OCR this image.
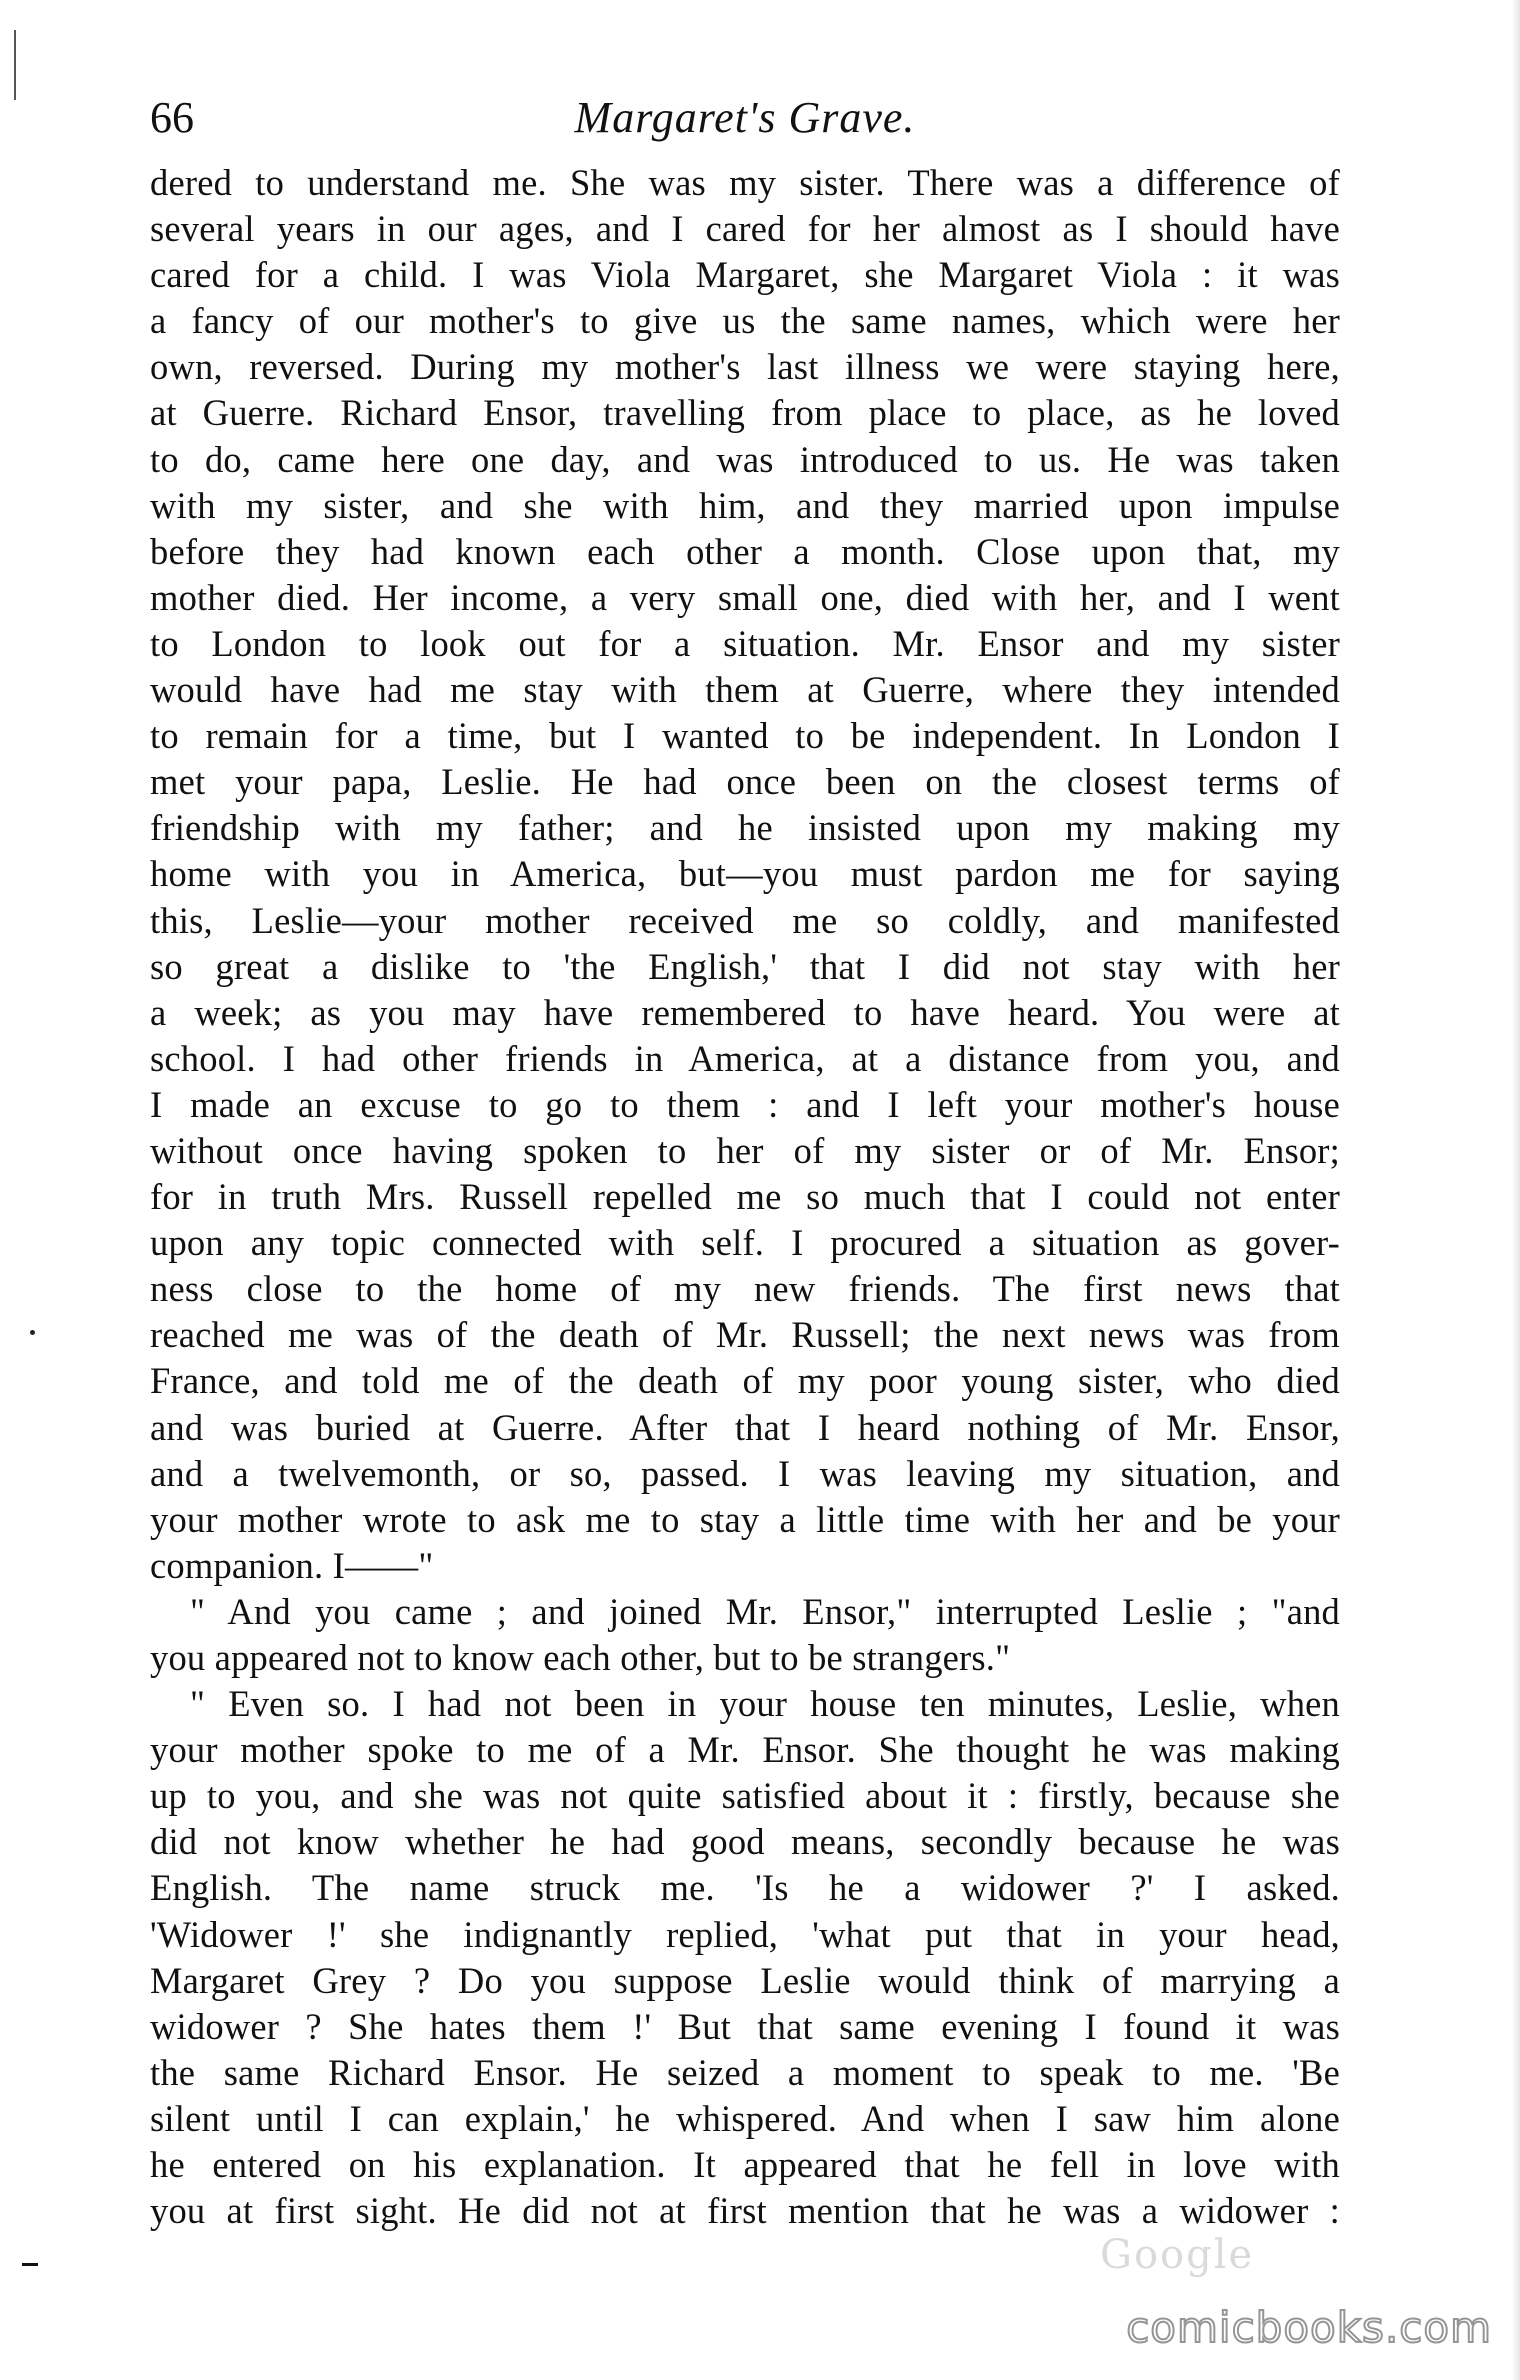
66	Margaret's Grave.
dered to understand me. She was my sister. There was a difference of
several years in our ages, and I cared for her almost as I should have
cared for a child. I was Viola Margaret, she Margaret Viola : it was
a fancy of our mother's to give us the same names, which were her
own, reversed. During my mother's last illness we were staying here,
at Guerre. Richard Ensor, travelling from place to place, as he loved
to do, came here one day, and was introduced to us. He was taken
with my sister, and she with him, and they married upon impulse
before they had known each other a month. Close upon that, my
mother died. Her income, a very small one, died with her, and I went
to London to look out for a situation. Mr. Ensor and my sister
would have had me stay with them at Guerre, where they intended
to remain for a time, but I wanted to be independent. In London I
met your papa, Leslie. He had once been on the closest terms of
friendship with my father; and he insisted upon my making my
home with you in America, but—you must pardon me for saying
this, Leslie—your mother received me so coldly, and manifested
so great a dislike to 'the English,' that I did not stay with her
a week; as you may have remembered to have heard. You were at
school. I had other friends in America, at a distance from you, and
I made an excuse to go to them : and I left your mother's house
without once having spoken to her of my sister or of Mr. Ensor;
for in truth Mrs. Russell repelled me so much that I could not enter
upon any topic connected with self. I procured a situation as gover-
ness close to the home of my new friends. The first news that
reached me was of the death of Mr. Russell; the next news was from
France, and told me of the death of my poor young sister, who died
and was buried at Guerre. After that I heard nothing of Mr. Ensor,
and a twelvemonth, or so, passed. I was leaving my situation, and
your mother wrote to ask me to stay a little time with her and be your
companion. I——"
" And you came ; and joined Mr. Ensor," interrupted Leslie ; "and
you appeared not to know each other, but to be strangers."
" Even so. I had not been in your house ten minutes, Leslie, when
your mother spoke to me of a Mr. Ensor. She thought he was making
up to you, and she was not quite satisfied about it : firstly, because she
did not know whether he had good means, secondly because he was
English. The name struck me. 'Is he a widower ?' I asked.
'Widower !' she indignantly replied, 'what put that in your head,
Margaret Grey ? Do you suppose Leslie would think of marrying a
widower ? She hates them !' But that same evening I found it was
the same Richard Ensor. He seized a moment to speak to me. 'Be
silent until I can explain,' he whispered. And when I saw him alone
he entered on his explanation. It appeared that he fell in love with
you at first sight. He did not at first mention that he was a widower :
Google
comicbooks.com
